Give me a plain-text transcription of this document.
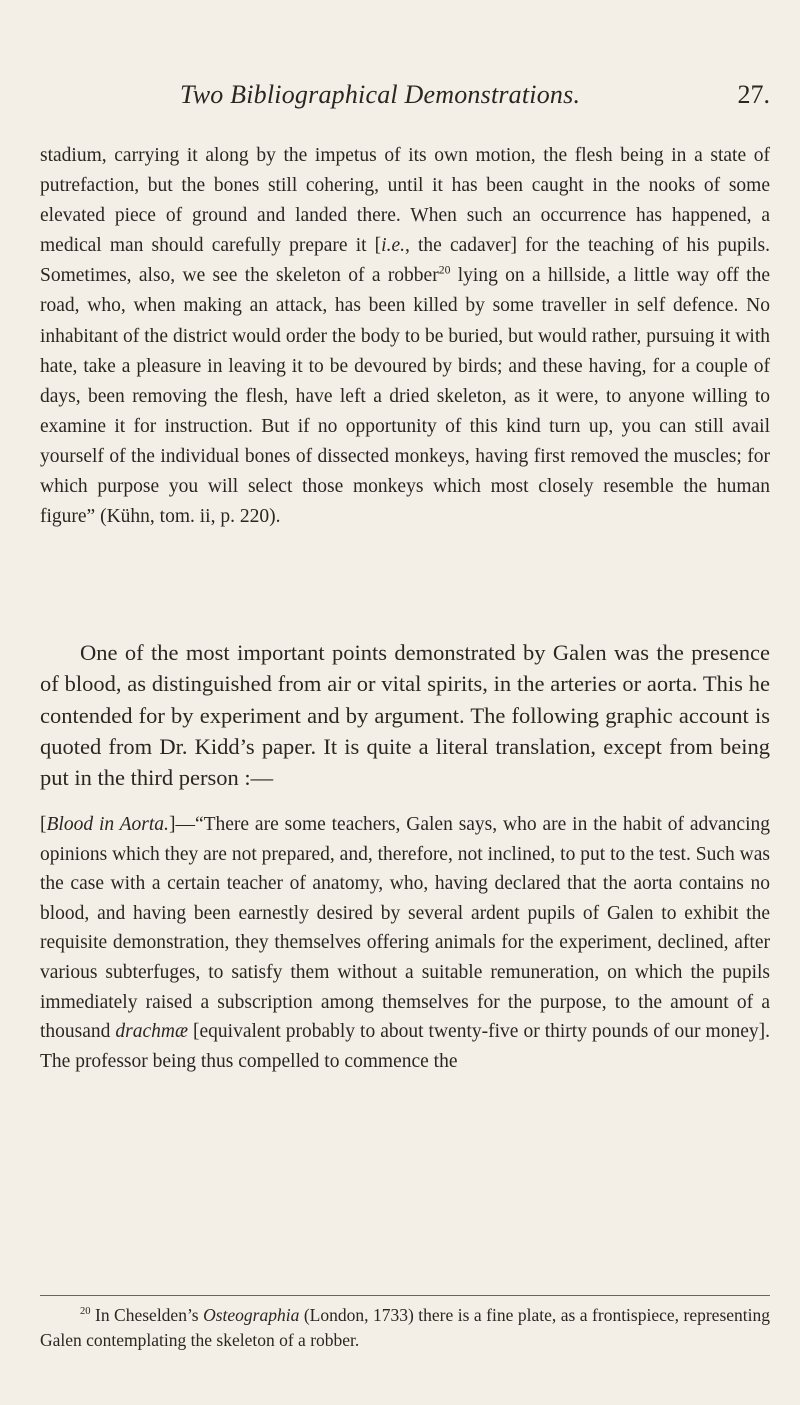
Two Bibliographical Demonstrations.	27.

stadium, carrying it along by the impetus of its own motion, the flesh being in a state of putrefaction, but the bones still cohering, until it has been caught in the nooks of some elevated piece of ground and landed there. When such an occurrence has happened, a medical man should carefully prepare it [i.e., the cadaver] for the teaching of his pupils. Sometimes, also, we see the skeleton of a robber$^{20}$ lying on a hillside, a little way off the road, who, when making an attack, has been killed by some traveller in self defence. No inhabitant of the district would order the body to be buried, but would rather, pursuing it with hate, take a pleasure in leaving it to be devoured by birds; and these having, for a couple of days, been removing the flesh, have left a dried skeleton, as it were, to anyone willing to examine it for instruction. But if no opportunity of this kind turn up, you can still avail yourself of the individual bones of dissected monkeys, having first removed the muscles; for which purpose you will select those monkeys which most closely resemble the human figure” (Kühn, tom. ii, p. 220).

One of the most important points demonstrated by Galen was the presence of blood, as distinguished from air or vital spirits, in the arteries or aorta. This he contended for by experiment and by argument. The following graphic account is quoted from Dr. Kidd’s paper. It is quite a literal translation, except from being put in the third person :—

[Blood in Aorta.]—“There are some teachers, Galen says, who are in the habit of advancing opinions which they are not prepared, and, therefore, not inclined, to put to the test. Such was the case with a certain teacher of anatomy, who, having declared that the aorta contains no blood, and having been earnestly desired by several ardent pupils of Galen to exhibit the requisite demonstration, they themselves offering animals for the experiment, declined, after various subterfuges, to satisfy them without a suitable remuneration, on which the pupils immediately raised a subscription among themselves for the purpose, to the amount of a thousand drachmæ [equivalent probably to about twenty-five or thirty pounds of our money]. The professor being thus compelled to commence the

$^{20}$ In Cheselden’s Osteographia (London, 1733) there is a fine plate, as a frontispiece, representing Galen contemplating the skeleton of a robber.
